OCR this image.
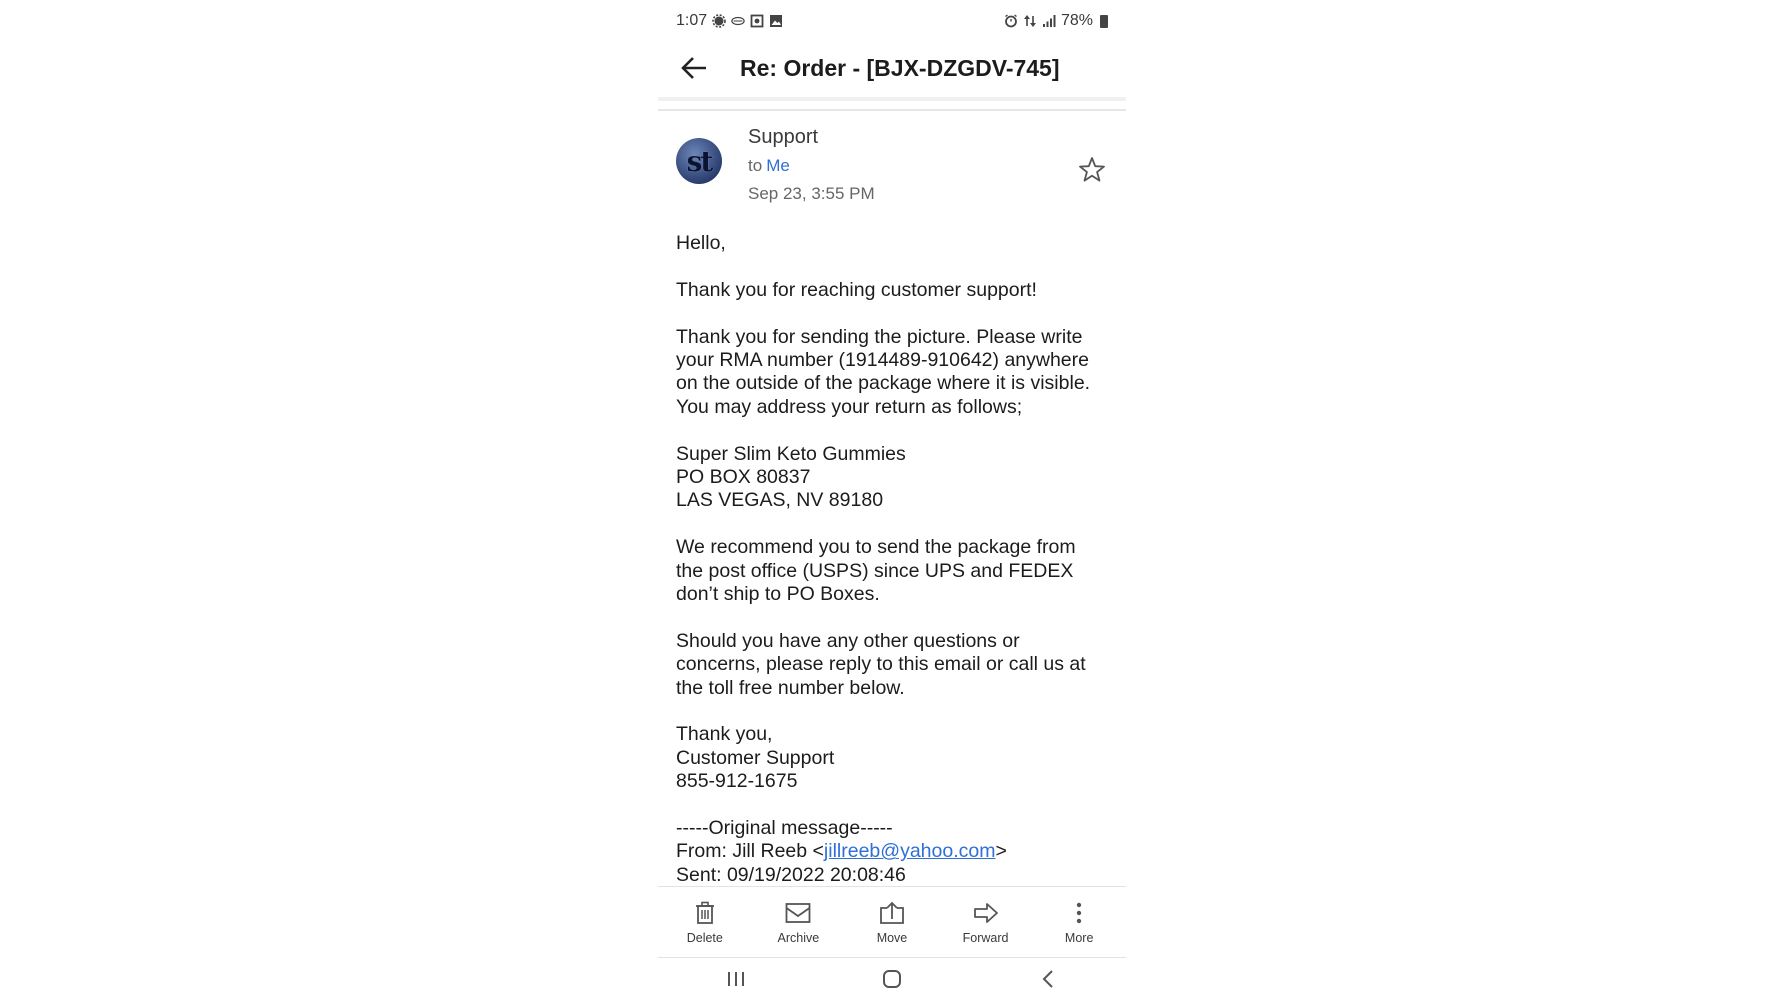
1:07	78%
Re: Order - [BJX-DZGDV-745]
st
Support
to Me
Sep 23, 3:55 PM
Hello,
Thank you for reaching customer support!
Thank you for sending the picture. Please write
your RMA number (1914489-910642) anywhere
on the outside of the package where it is visible.
You may address your return as follows;
Super Slim Keto Gummies
PO BOX 80837
LAS VEGAS, NV 89180
We recommend you to send the package from
the post office (USPS) since UPS and FEDEX
don’t ship to PO Boxes.
Should you have any other questions or
concerns, please reply to this email or call us at
the toll free number below.
Thank you,
Customer Support
855-912-1675
-----Original message-----
From: Jill Reeb <jillreeb@yahoo.com>
Sent: 09/19/2022 20:08:46
Delete	Archive	Move	Forward	More
